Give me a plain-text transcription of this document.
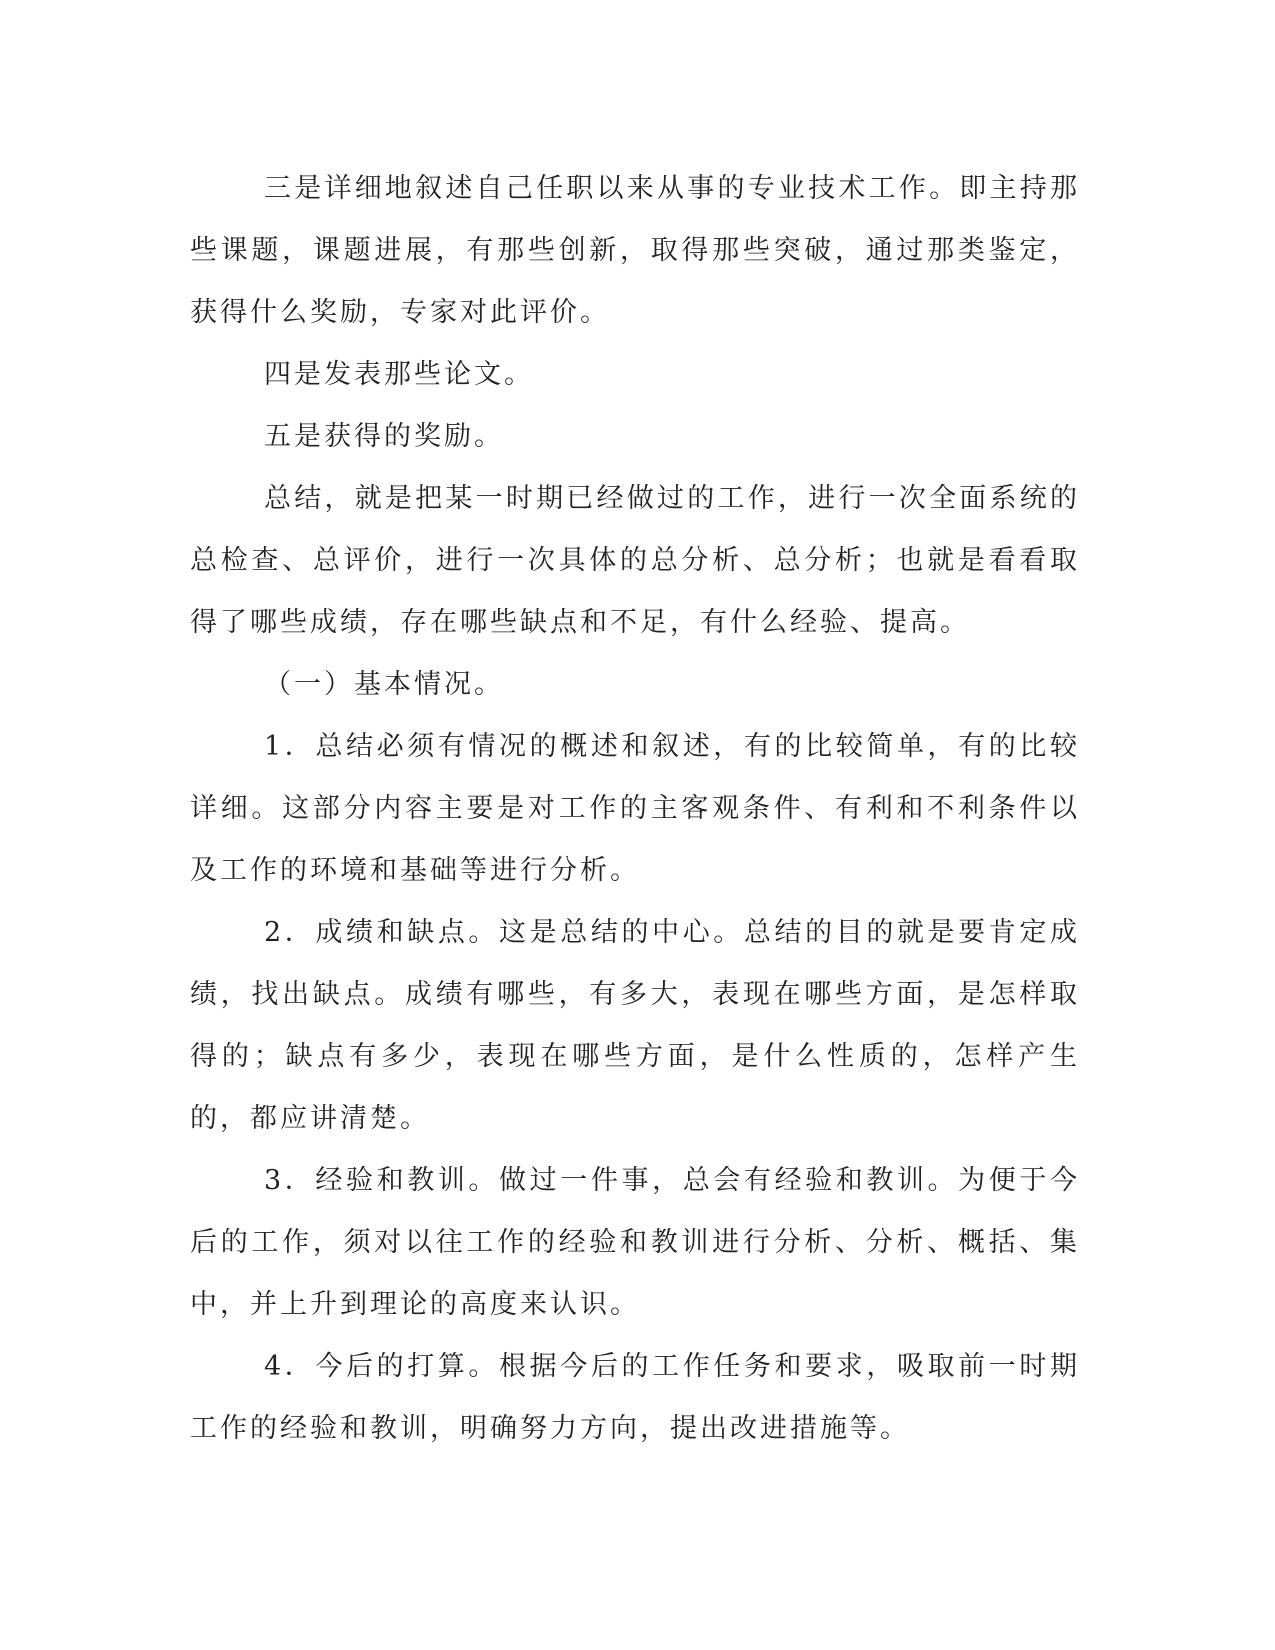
三是详细地叙述自己任职以来从事的专业技术工作。即主持那些课题，课题进展，有那些创新，取得那些突破，通过那类鉴定，获得什么奖励，专家对此评价。

四是发表那些论文。

五是获得的奖励。

总结，就是把某一时期已经做过的工作，进行一次全面系统的总检查、总评价，进行一次具体的总分析、总分析；也就是看看取得了哪些成绩，存在哪些缺点和不足，有什么经验、提高。

（一）基本情况。

1．总结必须有情况的概述和叙述，有的比较简单，有的比较详细。这部分内容主要是对工作的主客观条件、有利和不利条件以及工作的环境和基础等进行分析。

2．成绩和缺点。这是总结的中心。总结的目的就是要肯定成绩，找出缺点。成绩有哪些，有多大，表现在哪些方面，是怎样取得的；缺点有多少，表现在哪些方面，是什么性质的，怎样产生的，都应讲清楚。

3．经验和教训。做过一件事，总会有经验和教训。为便于今后的工作，须对以往工作的经验和教训进行分析、分析、概括、集中，并上升到理论的高度来认识。

4．今后的打算。根据今后的工作任务和要求，吸取前一时期工作的经验和教训，明确努力方向，提出改进措施等。
